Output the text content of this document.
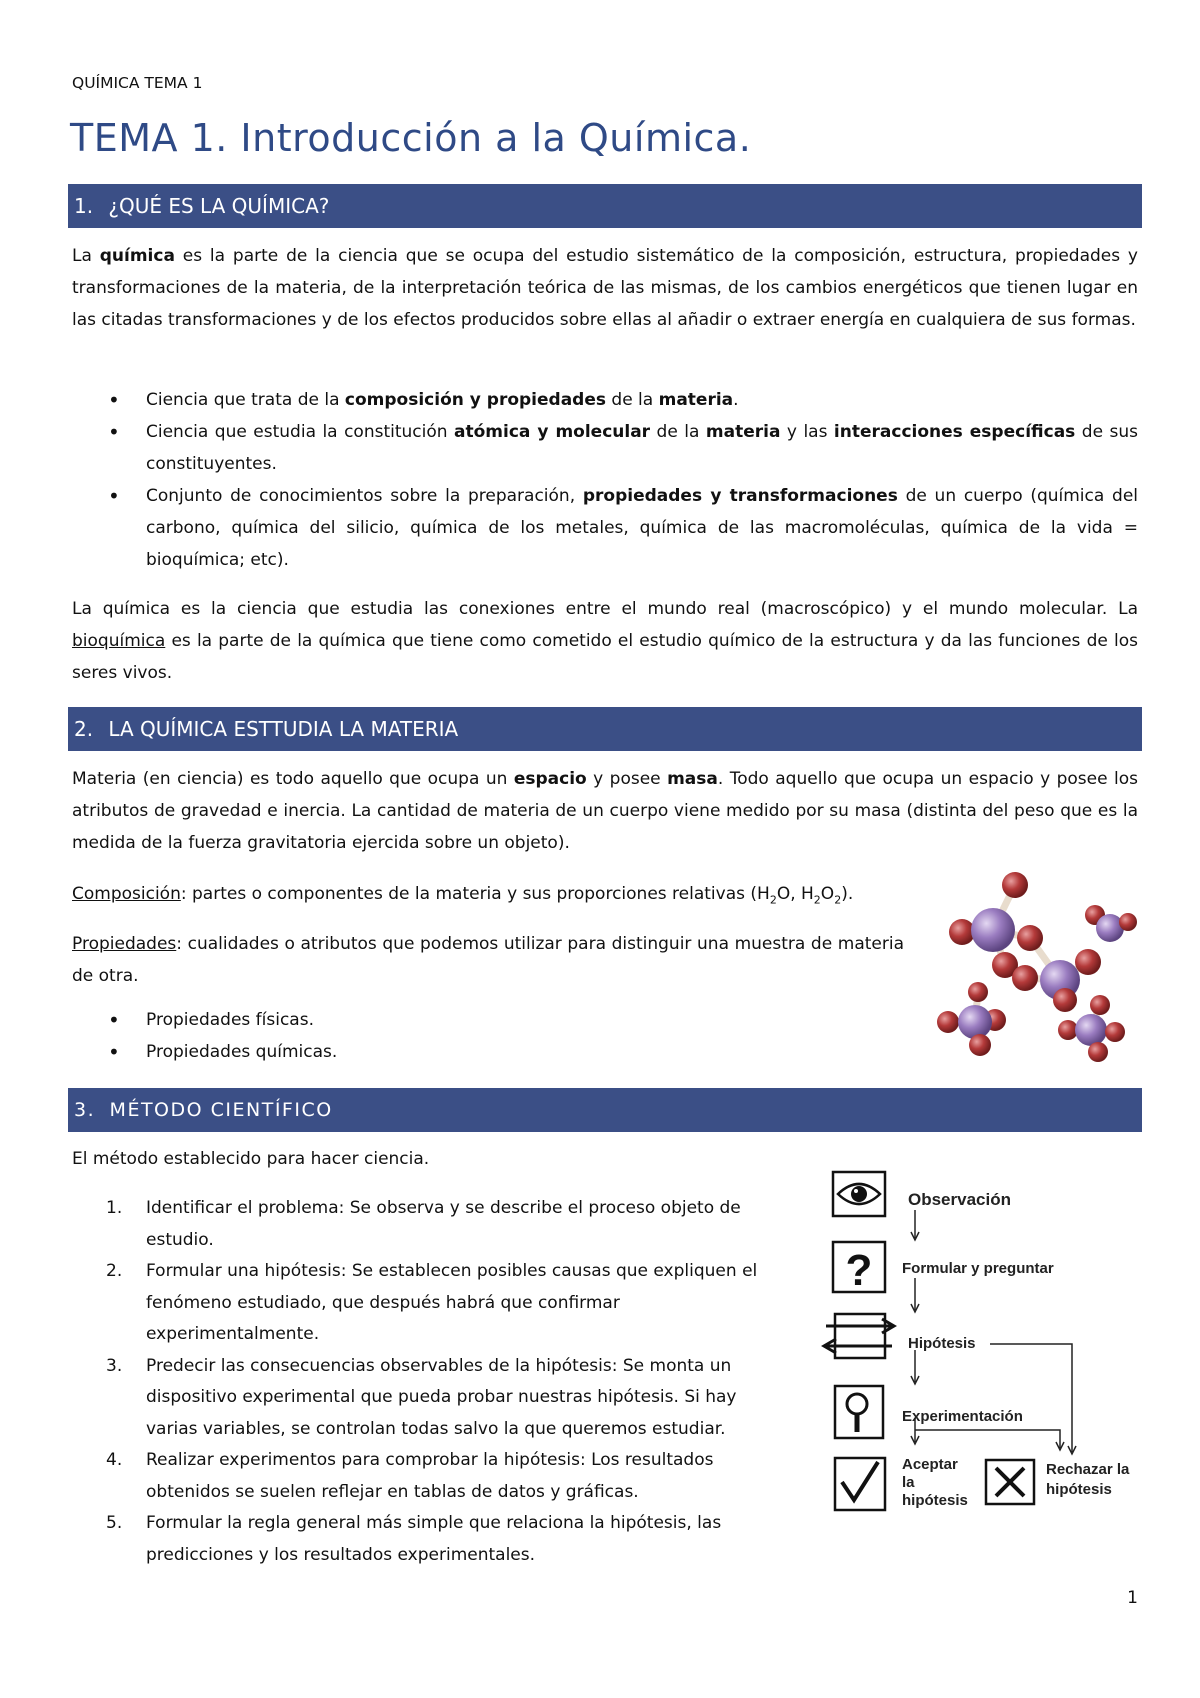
QUÍMICA TEMA 1
TEMA 1. Introducción a la Química.
1. ¿QUÉ ES LA QUÍMICA?
La química es la parte de la ciencia que se ocupa del estudio sistemático de la composición, estructura, propiedades y transformaciones de la materia, de la interpretación teórica de las mismas, de los cambios energéticos que tienen lugar en las citadas transformaciones y de los efectos producidos sobre ellas al añadir o extraer energía en cualquiera de sus formas.
• Ciencia que trata de la composición y propiedades de la materia.
• Ciencia que estudia la constitución atómica y molecular de la materia y las interacciones específicas de sus constituyentes.
• Conjunto de conocimientos sobre la preparación, propiedades y transformaciones de un cuerpo (química del carbono, química del silicio, química de los metales, química de las macromoléculas, química de la vida = bioquímica; etc).
La química es la ciencia que estudia las conexiones entre el mundo real (macroscópico) y el mundo molecular. La bioquímica es la parte de la química que tiene como cometido el estudio químico de la estructura y da las funciones de los seres vivos.
2. LA QUÍMICA ESTTUDIA LA MATERIA
Materia (en ciencia) es todo aquello que ocupa un espacio y posee masa. Todo aquello que ocupa un espacio y posee los atributos de gravedad e inercia. La cantidad de materia de un cuerpo viene medido por su masa (distinta del peso que es la medida de la fuerza gravitatoria ejercida sobre un objeto).
Composición: partes o componentes de la materia y sus proporciones relativas ($H_2O$, $H_2O_2$).
Propiedades: cualidades o atributos que podemos utilizar para distinguir una muestra de materia de otra.
• Propiedades físicas.
• Propiedades químicas.
3. MÉTODO CIENTÍFICO
El método establecido para hacer ciencia.
1. Identificar el problema: Se observa y se describe el proceso objeto de
estudio.
2. Formular una hipótesis: Se establecen posibles causas que expliquen el
fenómeno estudiado, que después habrá que confirmar
experimentalmente.
3. Predecir las consecuencias observables de la hipótesis: Se monta un
dispositivo experimental que pueda probar nuestras hipótesis. Si hay
varias variables, se controlan todas salvo la que queremos estudiar.
4. Realizar experimentos para comprobar la hipótesis: Los resultados
obtenidos se suelen reflejar en tablas de datos y gráficas.
5. Formular la regla general más simple que relaciona la hipótesis, las
predicciones y los resultados experimentales.
?
Observación
Formular y preguntar
Hipótesis
Experimentación
Aceptar
la
hipótesis
Rechazar la
hipótesis
1
